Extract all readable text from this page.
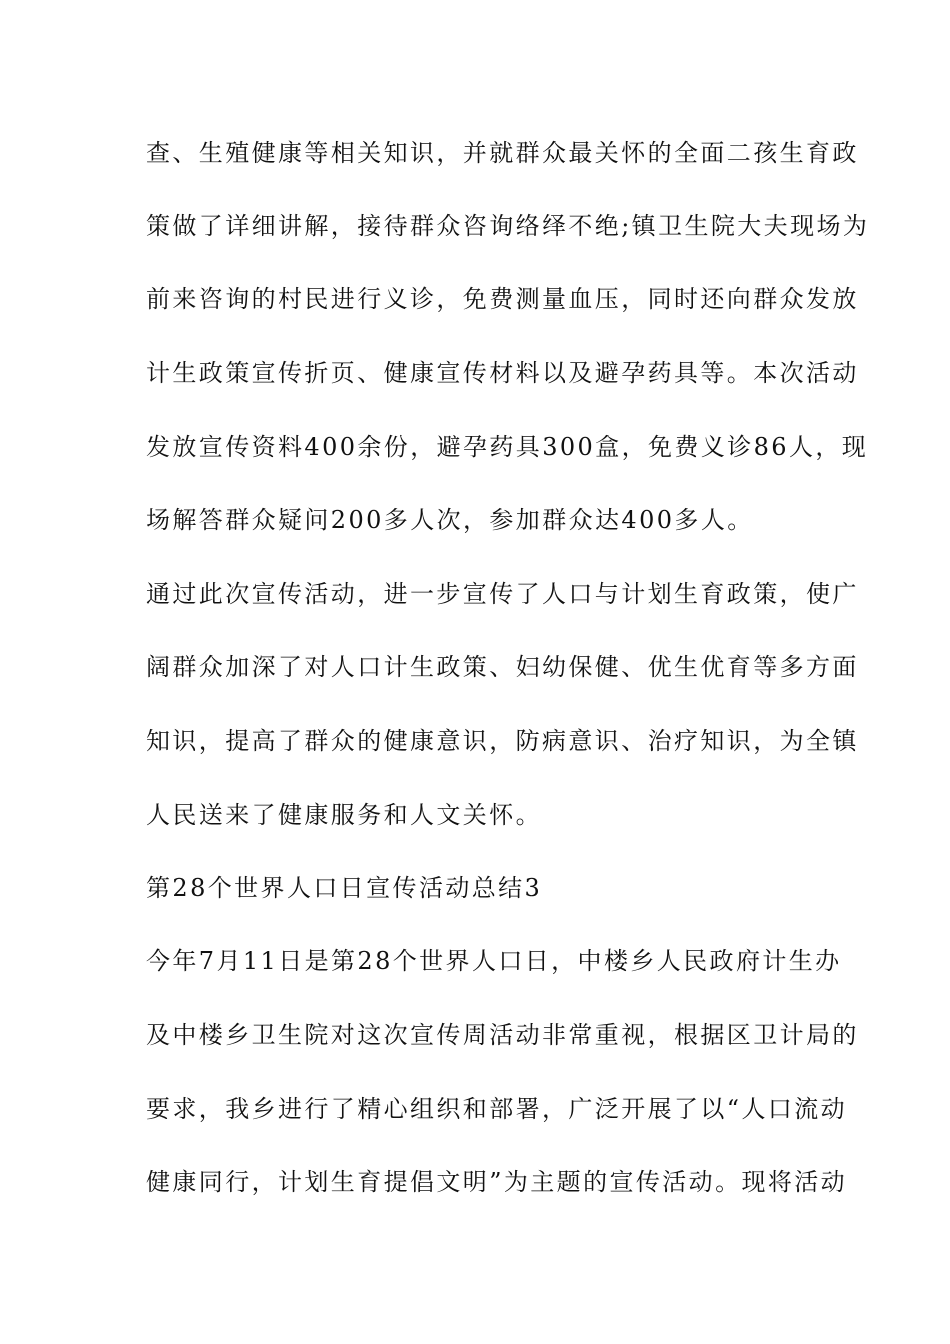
查、生殖健康等相关知识，并就群众最关怀的全面二孩生育政
策做了详细讲解，接待群众咨询络绎不绝;镇卫生院大夫现场为
前来咨询的村民进行义诊，免费测量血压，同时还向群众发放
计生政策宣传折页、健康宣传材料以及避孕药具等。本次活动
发放宣传资料400余份，避孕药具300盒，免费义诊86人，现
场解答群众疑问200多人次，参加群众达400多人。
通过此次宣传活动，进一步宣传了人口与计划生育政策，使广
阔群众加深了对人口计生政策、妇幼保健、优生优育等多方面
知识，提高了群众的健康意识，防病意识、治疗知识，为全镇
人民送来了健康服务和人文关怀。
第28个世界人口日宣传活动总结3
今年7月11日是第28个世界人口日，中楼乡人民政府计生办
及中楼乡卫生院对这次宣传周活动非常重视，根据区卫计局的
要求，我乡进行了精心组织和部署，广泛开展了以“人口流动
健康同行，计划生育提倡文明”为主题的宣传活动。现将活动
